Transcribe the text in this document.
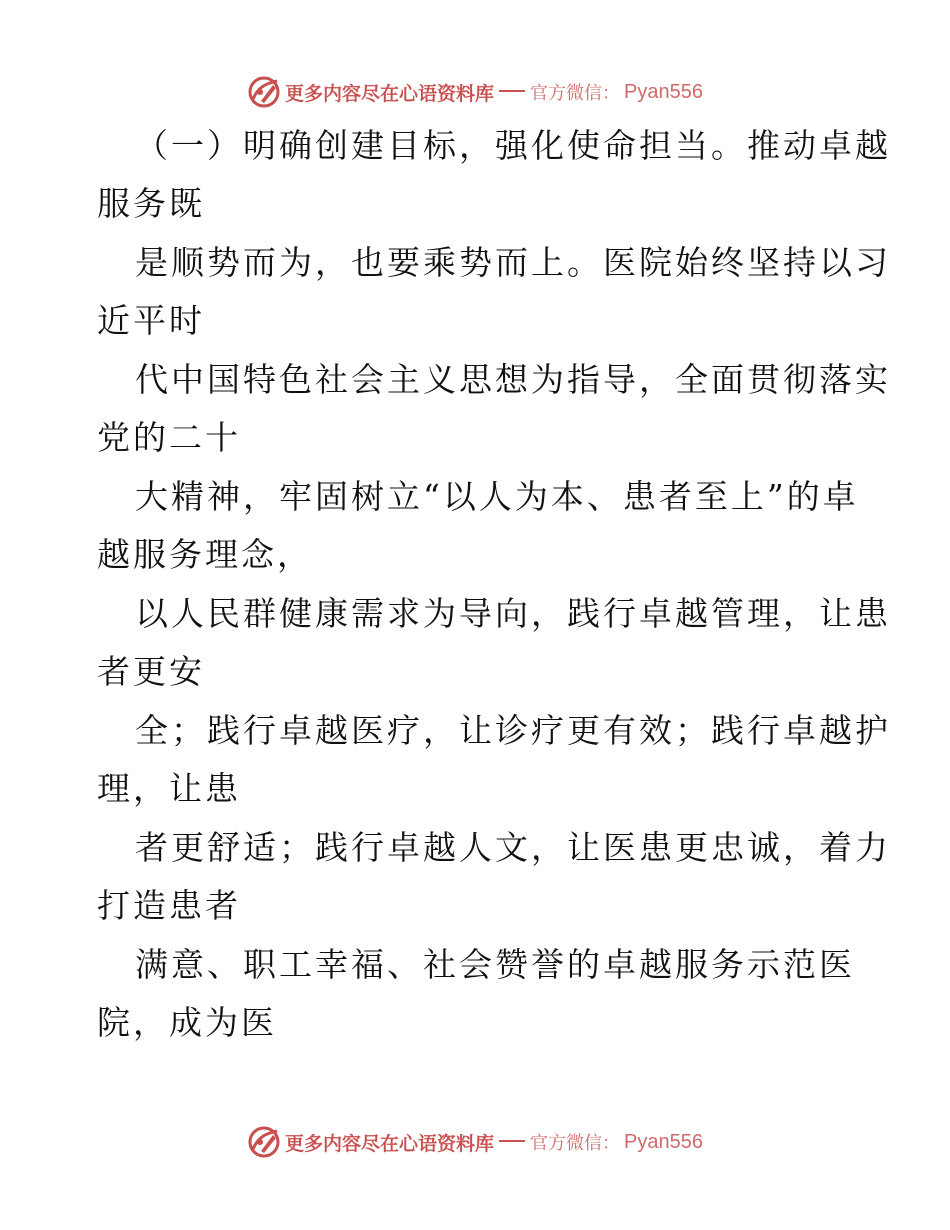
更多内容尽在心语资料库 官方微信： Pyan556
（一）明确创建目标，强化使命担当。推动卓越
服务既
是顺势而为，也要乘势而上。医院始终坚持以习
近平时
代中国特色社会主义思想为指导，全面贯彻落实
党的二十
大精神，牢固树立“以人为本、患者至上”的卓
越服务理念，
以人民群健康需求为导向，践行卓越管理，让患
者更安
全；践行卓越医疗，让诊疗更有效；践行卓越护
理，让患
者更舒适；践行卓越人文，让医患更忠诚，着力
打造患者
满意、职工幸福、社会赞誉的卓越服务示范医
院，成为医
更多内容尽在心语资料库 官方微信： Pyan556
